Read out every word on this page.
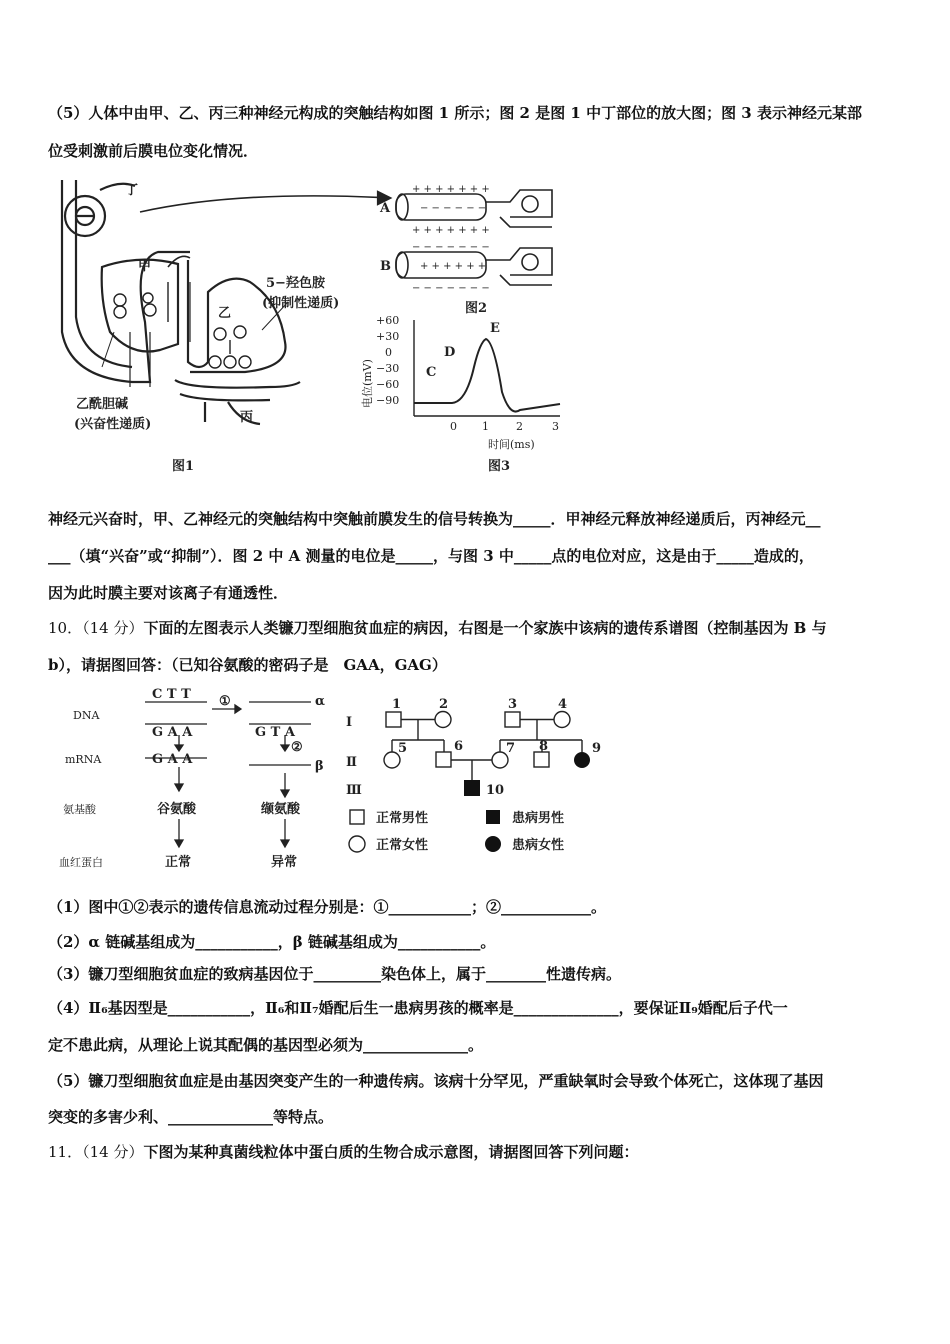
（5）人体中由甲、乙、丙三种神经元构成的突触结构如图 1 所示；图 2 是图 1 中丁部位的放大图；图 3 表示神经元某部
位受刺激前后膜电位变化情况．
丁
甲
乙
丙
5−羟色胺
(抑制性递质)
乙酰胆碱
(兴奋性递质)
图1
+ + + + + + +
− − − − − −
+ + + + + + +
− − − − − − −
+ + + + + +
− − − − − − −
A
B
图2
+60
+30
0
−30
−60
−90
0 1 2	3
时间(ms)
电位(mV)	C
D
E
图3
神经元兴奋时，甲、乙神经元的突触结构中突触前膜发生的信号转换为_____．甲神经元释放神经递质后，丙神经元__
___（填“兴奋”或“抑制”）．图 2 中 A 测量的电位是_____，与图 3 中_____点的电位对应，这是由于_____造成的，
因为此时膜主要对该离子有通透性．
10．（14 分）下面的左图表示人类镰刀型细胞贫血症的病因，右图是一个家族中该病的遗传系谱图（控制基因为 B 与
b），请据图回答：（已知谷氨酸的密码子是　GAA，GAG）
DNA
mRNA
氨基酸
血红蛋白
C T T
G A A
G A A
G T A
①
②
α
β
谷氨酸	缬氨酸
正常	异常
Ⅰ
Ⅱ
Ⅲ
1	2	3	4
5	6	7 8	9
10
正常男性	患病男性
正常女性	患病女性
（1）图中①②表示的遗传信息流动过程分别是：①___________；②____________。
（2）α 链碱基组成为___________，β 链碱基组成为___________。
（3）镰刀型细胞贫血症的致病基因位于_________染色体上，属于________性遗传病。
（4）Ⅱ₆基因型是___________，Ⅱ₆和Ⅱ₇婚配后生一患病男孩的概率是______________，要保证Ⅱ₉婚配后子代一
定不患此病，从理论上说其配偶的基因型必须为______________。
（5）镰刀型细胞贫血症是由基因突变产生的一种遗传病。该病十分罕见，严重缺氧时会导致个体死亡，这体现了基因
突变的多害少利、______________等特点。
11．（14 分）下图为某种真菌线粒体中蛋白质的生物合成示意图，请据图回答下列问题：
